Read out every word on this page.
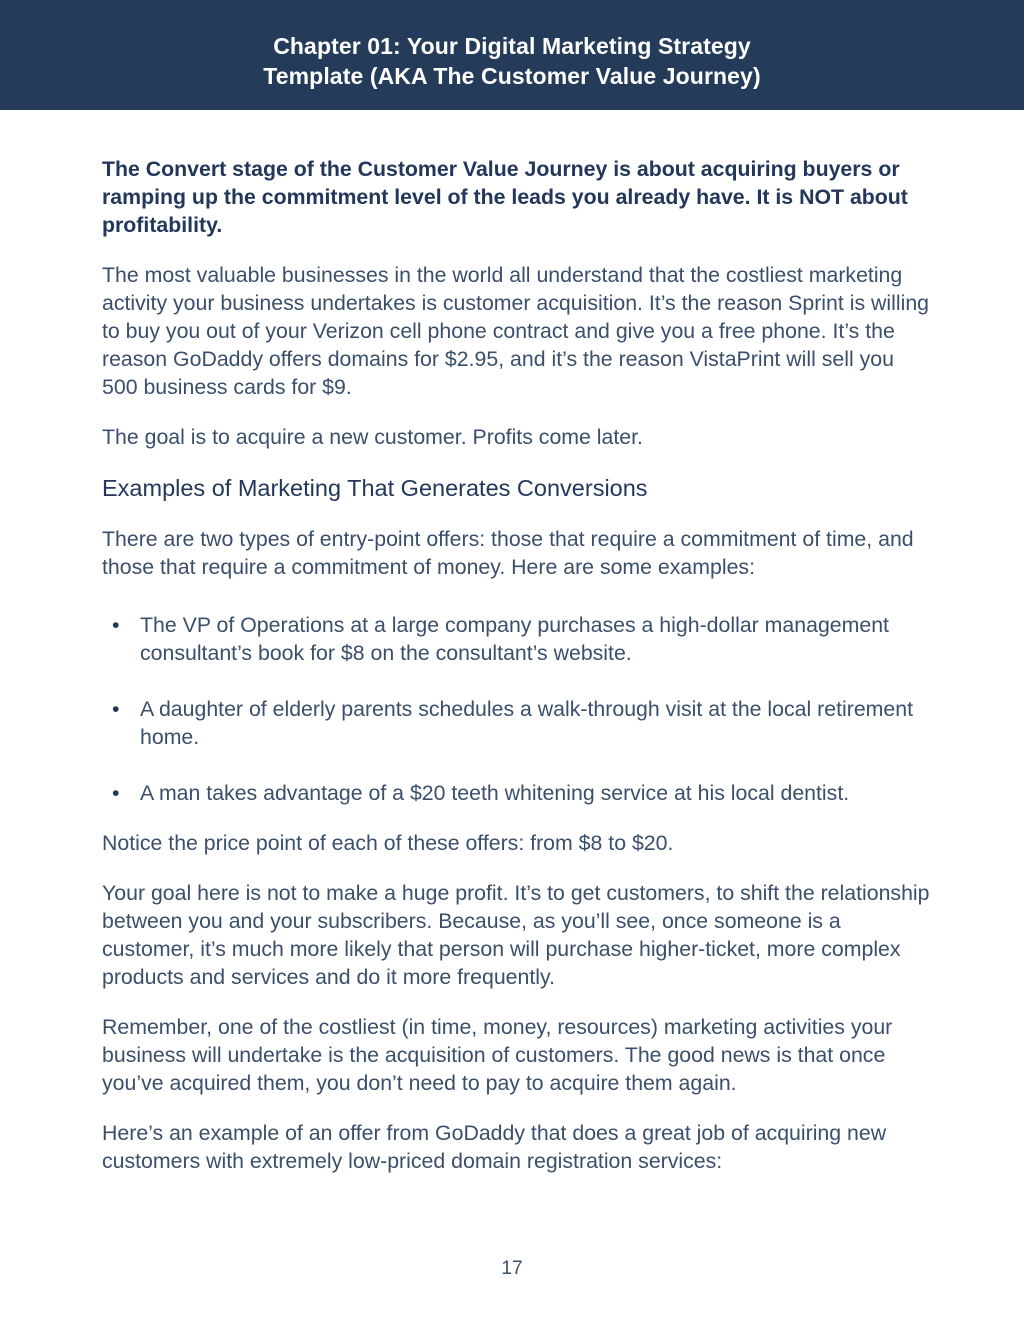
Chapter 01: Your Digital Marketing Strategy
Template (AKA The Customer Value Journey)

The Convert stage of the Customer Value Journey is about acquiring buyers or ramping up the commitment level of the leads you already have. It is NOT about profitability.

The most valuable businesses in the world all understand that the costliest marketing activity your business undertakes is customer acquisition. It’s the reason Sprint is willing to buy you out of your Verizon cell phone contract and give you a free phone. It’s the reason GoDaddy offers domains for $2.95, and it’s the reason VistaPrint will sell you 500 business cards for $9.

The goal is to acquire a new customer. Profits come later.

Examples of Marketing That Generates Conversions

There are two types of entry-point offers: those that require a commitment of time, and those that require a commitment of money. Here are some examples:

• The VP of Operations at a large company purchases a high-dollar management consultant’s book for $8 on the consultant’s website.
• A daughter of elderly parents schedules a walk-through visit at the local retirement home.
• A man takes advantage of a $20 teeth whitening service at his local dentist.

Notice the price point of each of these offers: from $8 to $20.

Your goal here is not to make a huge profit. It’s to get customers, to shift the relationship between you and your subscribers. Because, as you’ll see, once someone is a customer, it’s much more likely that person will purchase higher-ticket, more complex products and services and do it more frequently.

Remember, one of the costliest (in time, money, resources) marketing activities your business will undertake is the acquisition of customers. The good news is that once you’ve acquired them, you don’t need to pay to acquire them again.

Here’s an example of an offer from GoDaddy that does a great job of acquiring new customers with extremely low-priced domain registration services:

17
